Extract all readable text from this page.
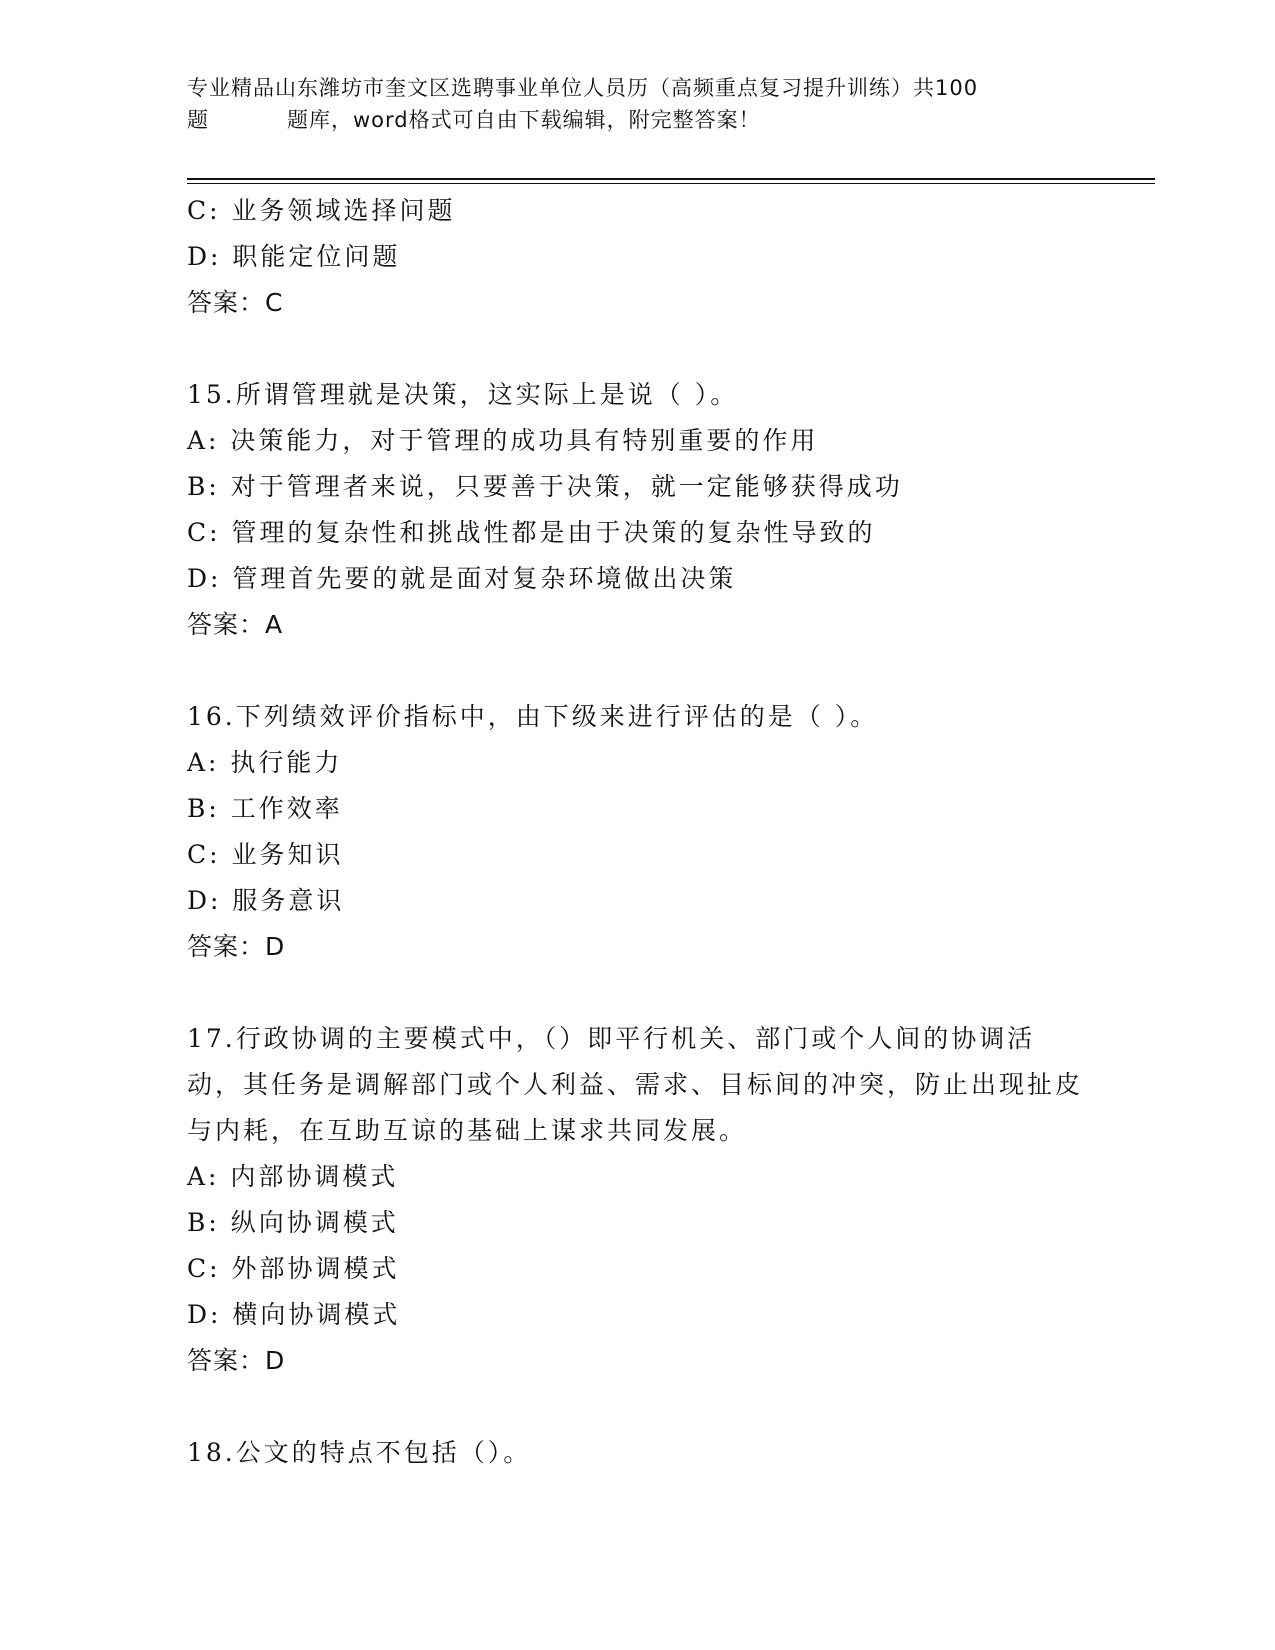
专业精品山东潍坊市奎文区选聘事业单位人员历（高频重点复习提升训练）共100
题	题库，word格式可自由下载编辑，附完整答案！
C: 业务领域选择问题
D: 职能定位问题
答案：C
15.所谓管理就是决策，这实际上是说（ ）。
A: 决策能力，对于管理的成功具有特别重要的作用
B: 对于管理者来说，只要善于决策，就一定能够获得成功
C: 管理的复杂性和挑战性都是由于决策的复杂性导致的
D: 管理首先要的就是面对复杂环境做出决策
答案：A
16.下列绩效评价指标中，由下级来进行评估的是（ ）。
A: 执行能力
B: 工作效率
C: 业务知识
D: 服务意识
答案：D
17.行政协调的主要模式中，（）即平行机关、部门或个人间的协调活动，其任务是调解部门或个人利益、需求、目标间的冲突，防止出现扯皮与内耗，在互助互谅的基础上谋求共同发展。
A: 内部协调模式
B: 纵向协调模式
C: 外部协调模式
D: 横向协调模式
答案：D
18.公文的特点不包括（）。
